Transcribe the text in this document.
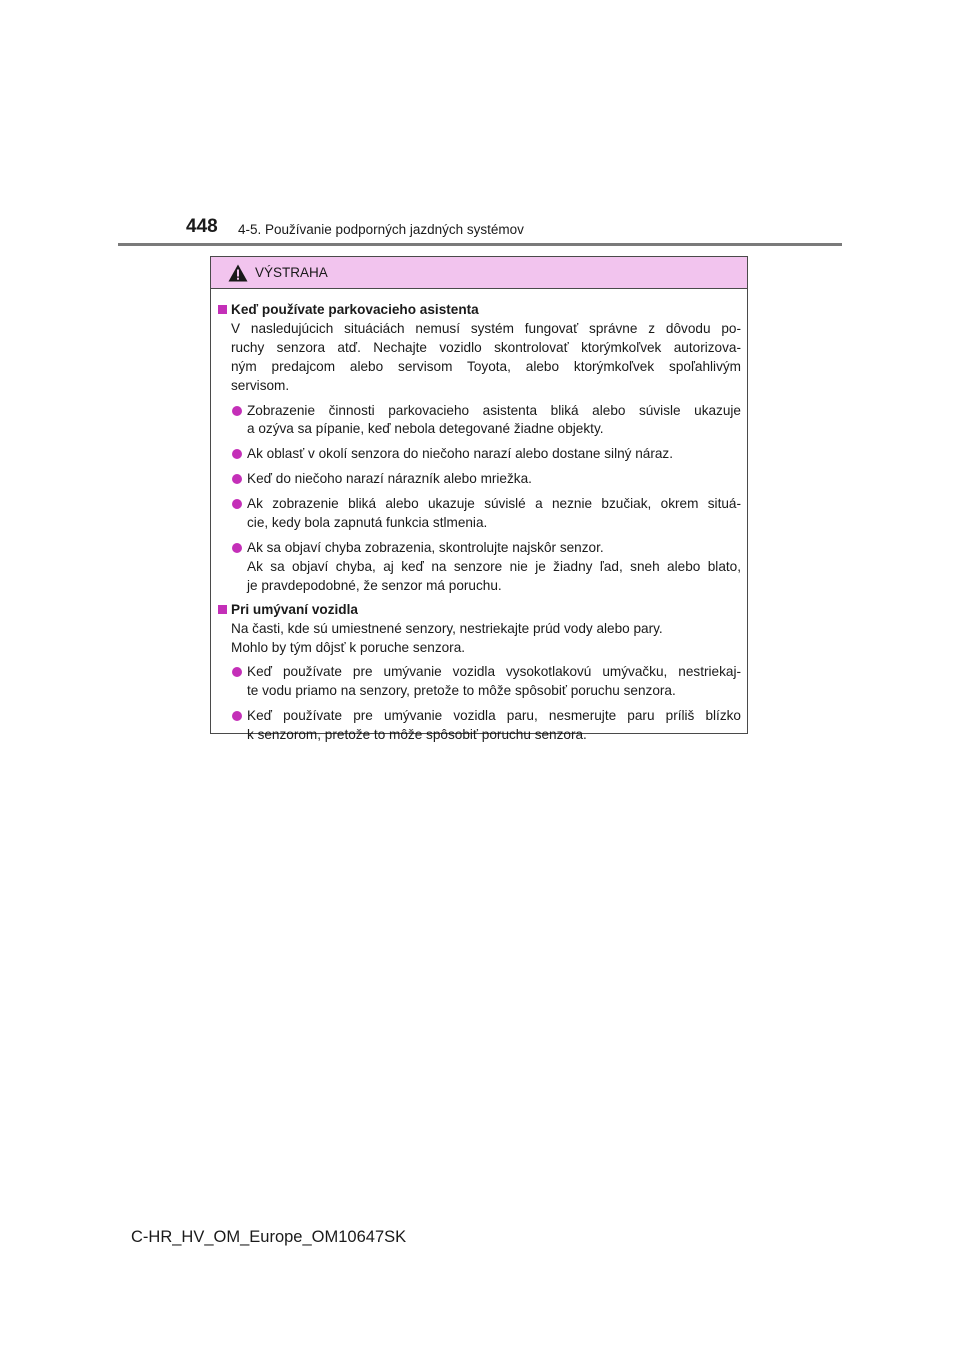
448 4-5. Používanie podporných jazdných systémov
VÝSTRAHA
Keď používate parkovacieho asistenta
V nasledujúcich situáciách nemusí systém fungovať správne z dôvodu po-
ruchy senzora atď. Nechajte vozidlo skontrolovať ktorýmkoľvek autorizova-
ným predajcom alebo servisom Toyota, alebo ktorýmkoľvek spoľahlivým
servisom.
Zobrazenie činnosti parkovacieho asistenta bliká alebo súvisle ukazuje
a ozýva sa pípanie, keď nebola detegované žiadne objekty.
Ak oblasť v okolí senzora do niečoho narazí alebo dostane silný náraz.
Keď do niečoho narazí nárazník alebo mriežka.
Ak zobrazenie bliká alebo ukazuje súvislé a neznie bzučiak, okrem situá-
cie, kedy bola zapnutá funkcia stlmenia.
Ak sa objaví chyba zobrazenia, skontrolujte najskôr senzor.
Ak sa objaví chyba, aj keď na senzore nie je žiadny ľad, sneh alebo blato,
je pravdepodobné, že senzor má poruchu.
Pri umývaní vozidla
Na časti, kde sú umiestnené senzory, nestriekajte prúd vody alebo pary.
Mohlo by tým dôjsť k poruche senzora.
Keď používate pre umývanie vozidla vysokotlakovú umývačku, nestriekaj-
te vodu priamo na senzory, pretože to môže spôsobiť poruchu senzora.
Keď používate pre umývanie vozidla paru, nesmerujte paru príliš blízko
k senzorom, pretože to môže spôsobiť poruchu senzora.
C-HR_HV_OM_Europe_OM10647SK
